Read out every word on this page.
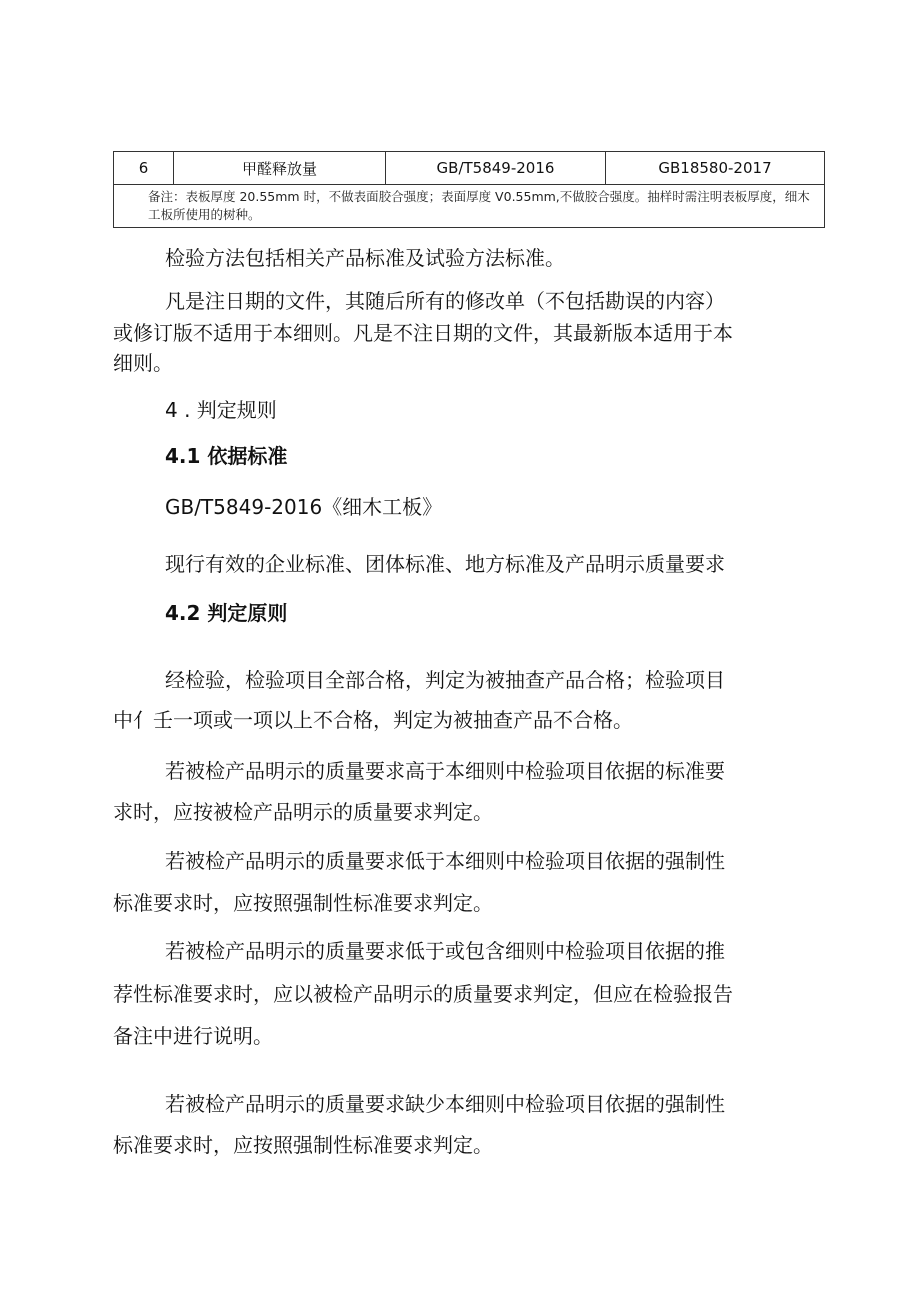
6	甲醛释放量	GB/T5849-2016	GB18580-2017
备注：表板厚度 20.55mm 时，不做表面胶合强度；表面厚度 V0.55mm,不做胶合强度。抽样时需注明表板厚度，细木工板所使用的树种。
检验方法包括相关产品标准及试验方法标准。
凡是注日期的文件，其随后所有的修改单（不包括勘误的内容）
或修订版不适用于本细则。凡是不注日期的文件，其最新版本适用于本
细则。
4 . 判定规则
4.1 依据标准
GB/T5849-2016《细木工板》
现行有效的企业标准、团体标准、地方标准及产品明示质量要求
4.2 判定原则
经检验，检验项目全部合格，判定为被抽查产品合格；检验项目
中亻壬一项或一项以上不合格，判定为被抽查产品不合格。
若被检产品明示的质量要求高于本细则中检验项目依据的标准要
求时，应按被检产品明示的质量要求判定。
若被检产品明示的质量要求低于本细则中检验项目依据的强制性
标准要求时，应按照强制性标准要求判定。
若被检产品明示的质量要求低于或包含细则中检验项目依据的推
荐性标准要求时，应以被检产品明示的质量要求判定，但应在检验报告
备注中进行说明。
若被检产品明示的质量要求缺少本细则中检验项目依据的强制性
标准要求时，应按照强制性标准要求判定。
